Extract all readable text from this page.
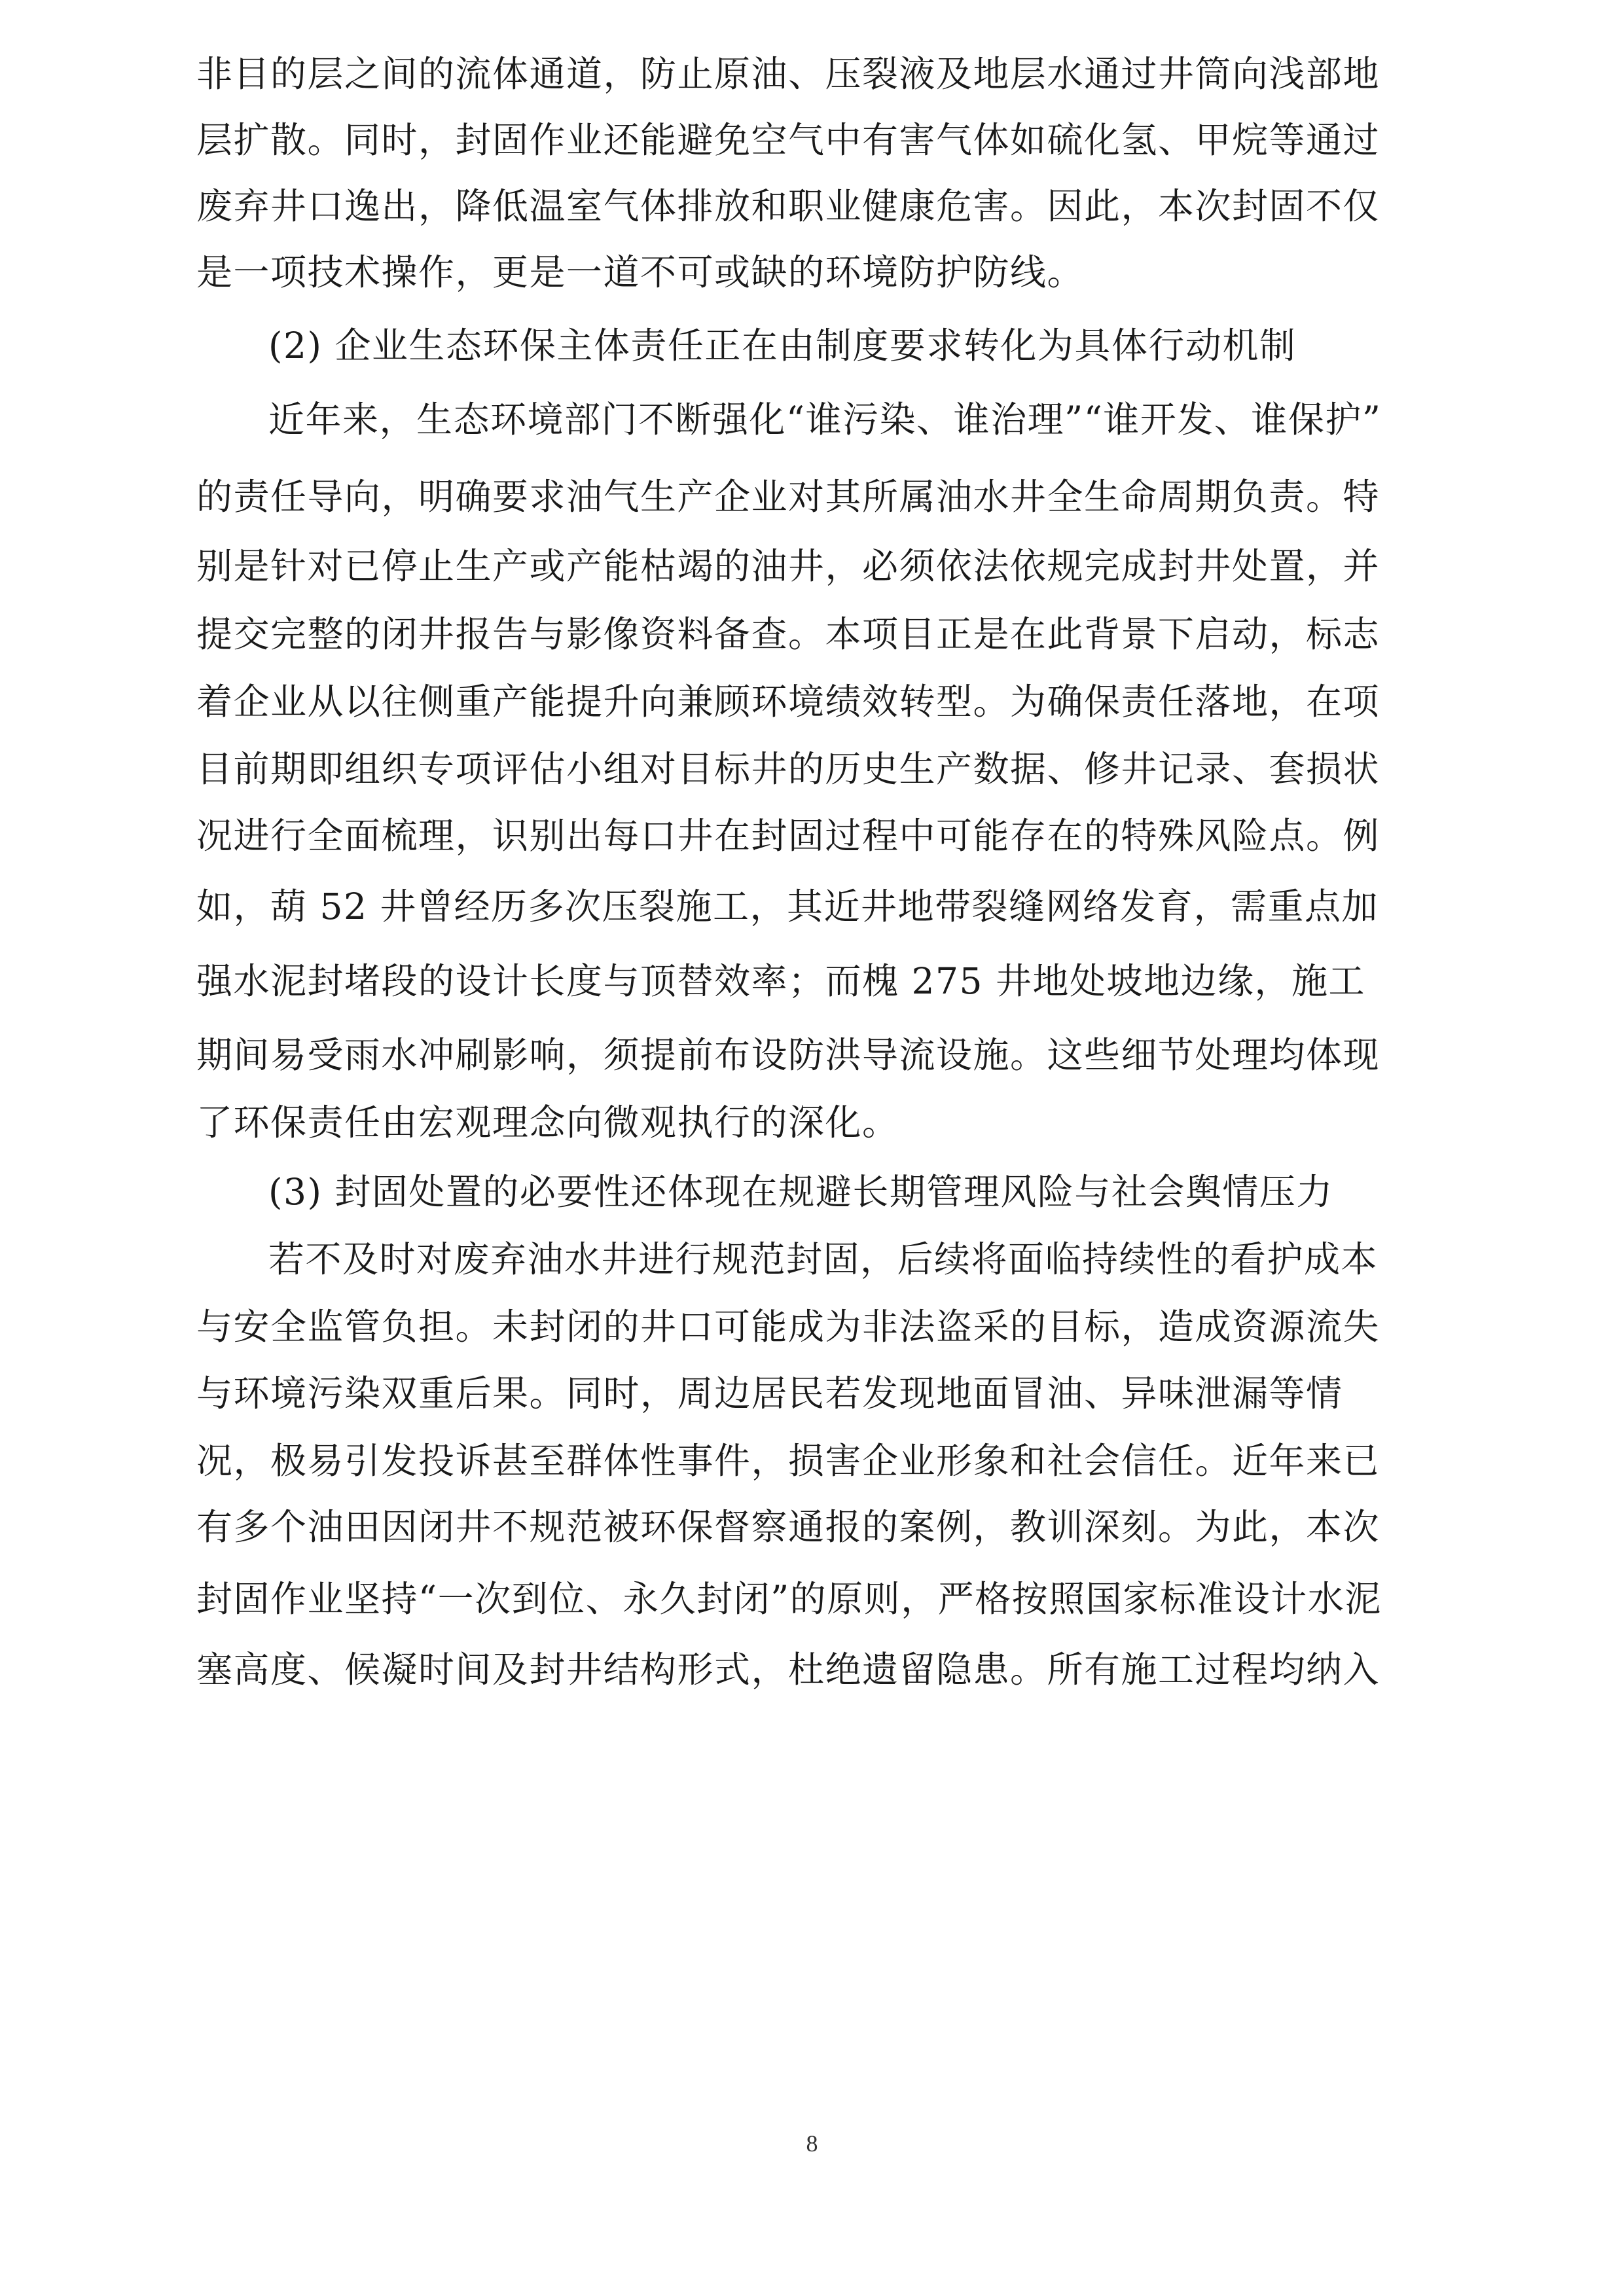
非目的层之间的流体通道，防止原油、压裂液及地层水通过井筒向浅部地
层扩散。同时，封固作业还能避免空气中有害气体如硫化氢、甲烷等通过
废弃井口逸出，降低温室气体排放和职业健康危害。因此，本次封固不仅
是一项技术操作，更是一道不可或缺的环境防护防线。
(2) 企业生态环保主体责任正在由制度要求转化为具体行动机制
近年来，生态环境部门不断强化“谁污染、谁治理”“谁开发、谁保护”
的责任导向，明确要求油气生产企业对其所属油水井全生命周期负责。特
别是针对已停止生产或产能枯竭的油井，必须依法依规完成封井处置，并
提交完整的闭井报告与影像资料备查。本项目正是在此背景下启动，标志
着企业从以往侧重产能提升向兼顾环境绩效转型。为确保责任落地，在项
目前期即组织专项评估小组对目标井的历史生产数据、修井记录、套损状
况进行全面梳理，识别出每口井在封固过程中可能存在的特殊风险点。例
如，葫 52 井曾经历多次压裂施工，其近井地带裂缝网络发育，需重点加
强水泥封堵段的设计长度与顶替效率；而槐 275 井地处坡地边缘，施工
期间易受雨水冲刷影响，须提前布设防洪导流设施。这些细节处理均体现
了环保责任由宏观理念向微观执行的深化。
(3) 封固处置的必要性还体现在规避长期管理风险与社会舆情压力
若不及时对废弃油水井进行规范封固，后续将面临持续性的看护成本
与安全监管负担。未封闭的井口可能成为非法盗采的目标，造成资源流失
与环境污染双重后果。同时，周边居民若发现地面冒油、异味泄漏等情
况，极易引发投诉甚至群体性事件，损害企业形象和社会信任。近年来已
有多个油田因闭井不规范被环保督察通报的案例，教训深刻。为此，本次
封固作业坚持“一次到位、永久封闭”的原则，严格按照国家标准设计水泥
塞高度、候凝时间及封井结构形式，杜绝遗留隐患。所有施工过程均纳入
8
